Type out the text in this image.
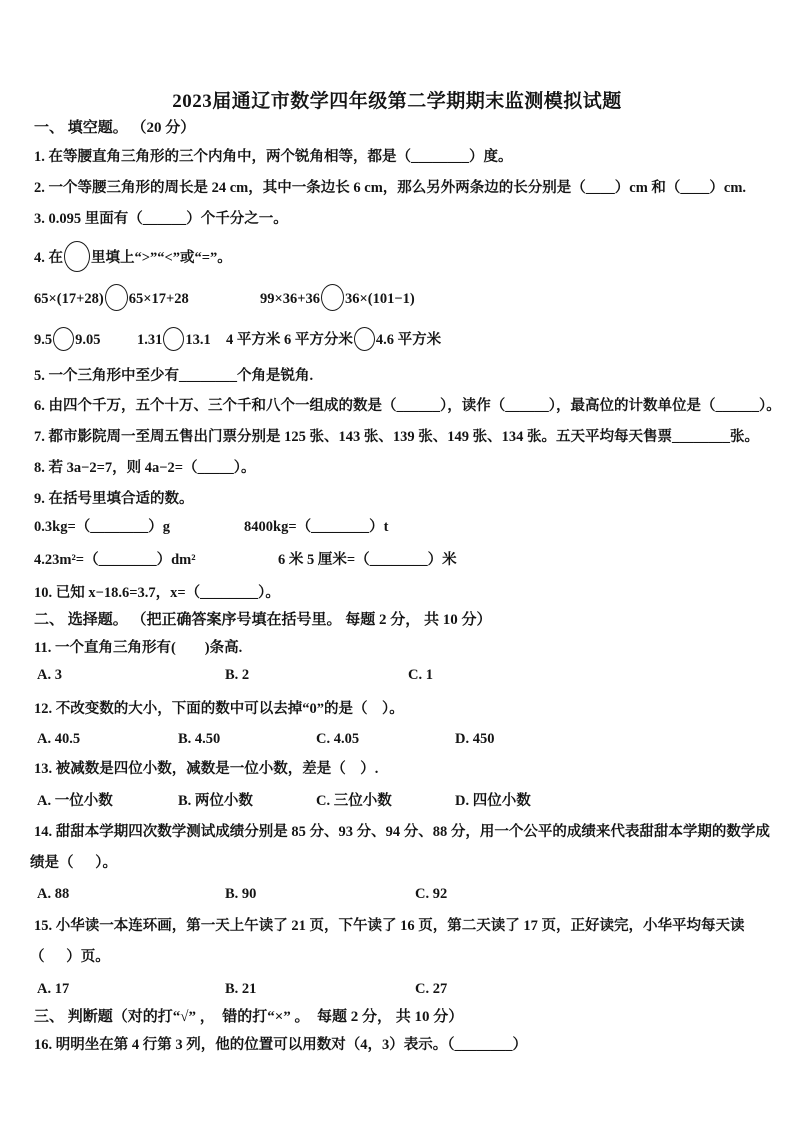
2023届通辽市数学四年级第二学期期末监测模拟试题
一、 填空题。 （20 分）
1. 在等腰直角三角形的三个内角中，两个锐角相等，都是（________）度。
2. 一个等腰三角形的周长是 24 cm，其中一条边长 6 cm，那么另外两条边的长分别是（____）cm 和（____）cm.
3. 0.095 里面有（______）个千分之一。
4. 在 里填上“>”“<”或“=”。
65×(17+28) 65×17+28	99×36+36 36×(101−1)
9.5 9.05	1.31 13.1 4 平方米 6 平方分米 4.6 平方米
5. 一个三角形中至少有________个角是锐角.
6. 由四个千万，五个十万、三个千和八个一组成的数是（______），读作（______），最高位的计数单位是（______）。
7. 都市影院周一至周五售出门票分别是 125 张、143 张、139 张、149 张、134 张。五天平均每天售票________张。
8. 若 3a−2=7，则 4a−2=（_____）。
9. 在括号里填合适的数。
0.3kg=（________）g	8400kg=（________）t
4.23m²=（________）dm²	6 米 5 厘米=（________）米
10. 已知 x−18.6=3.7，x=（________）。
二、 选择题。 （把正确答案序号填在括号里。 每题 2 分， 共 10 分）
11. 一个直角三角形有(        )条高.
A. 3	B. 2	C. 1
12. 不改变数的大小，下面的数中可以去掉“0”的是（    ）。
A. 40.5	B. 4.50	C. 4.05	D. 450
13. 被减数是四位小数，减数是一位小数，差是（    ）.
A. 一位小数	B. 两位小数	C. 三位小数	D. 四位小数
14. 甜甜本学期四次数学测试成绩分别是 85 分、93 分、94 分、88 分，用一个公平的成绩来代表甜甜本学期的数学成
绩是（      ）。
A. 88	B. 90	C. 92
15. 小华读一本连环画，第一天上午读了 21 页，下午读了 16 页，第二天读了 17 页，正好读完，小华平均每天读
（      ）页。
A. 17	B. 21	C. 27
三、 判断题（对的打“√” ，  错的打“×” 。  每题 2 分， 共 10 分）
16. 明明坐在第 4 行第 3 列，他的位置可以用数对（4，3）表示。（________）
